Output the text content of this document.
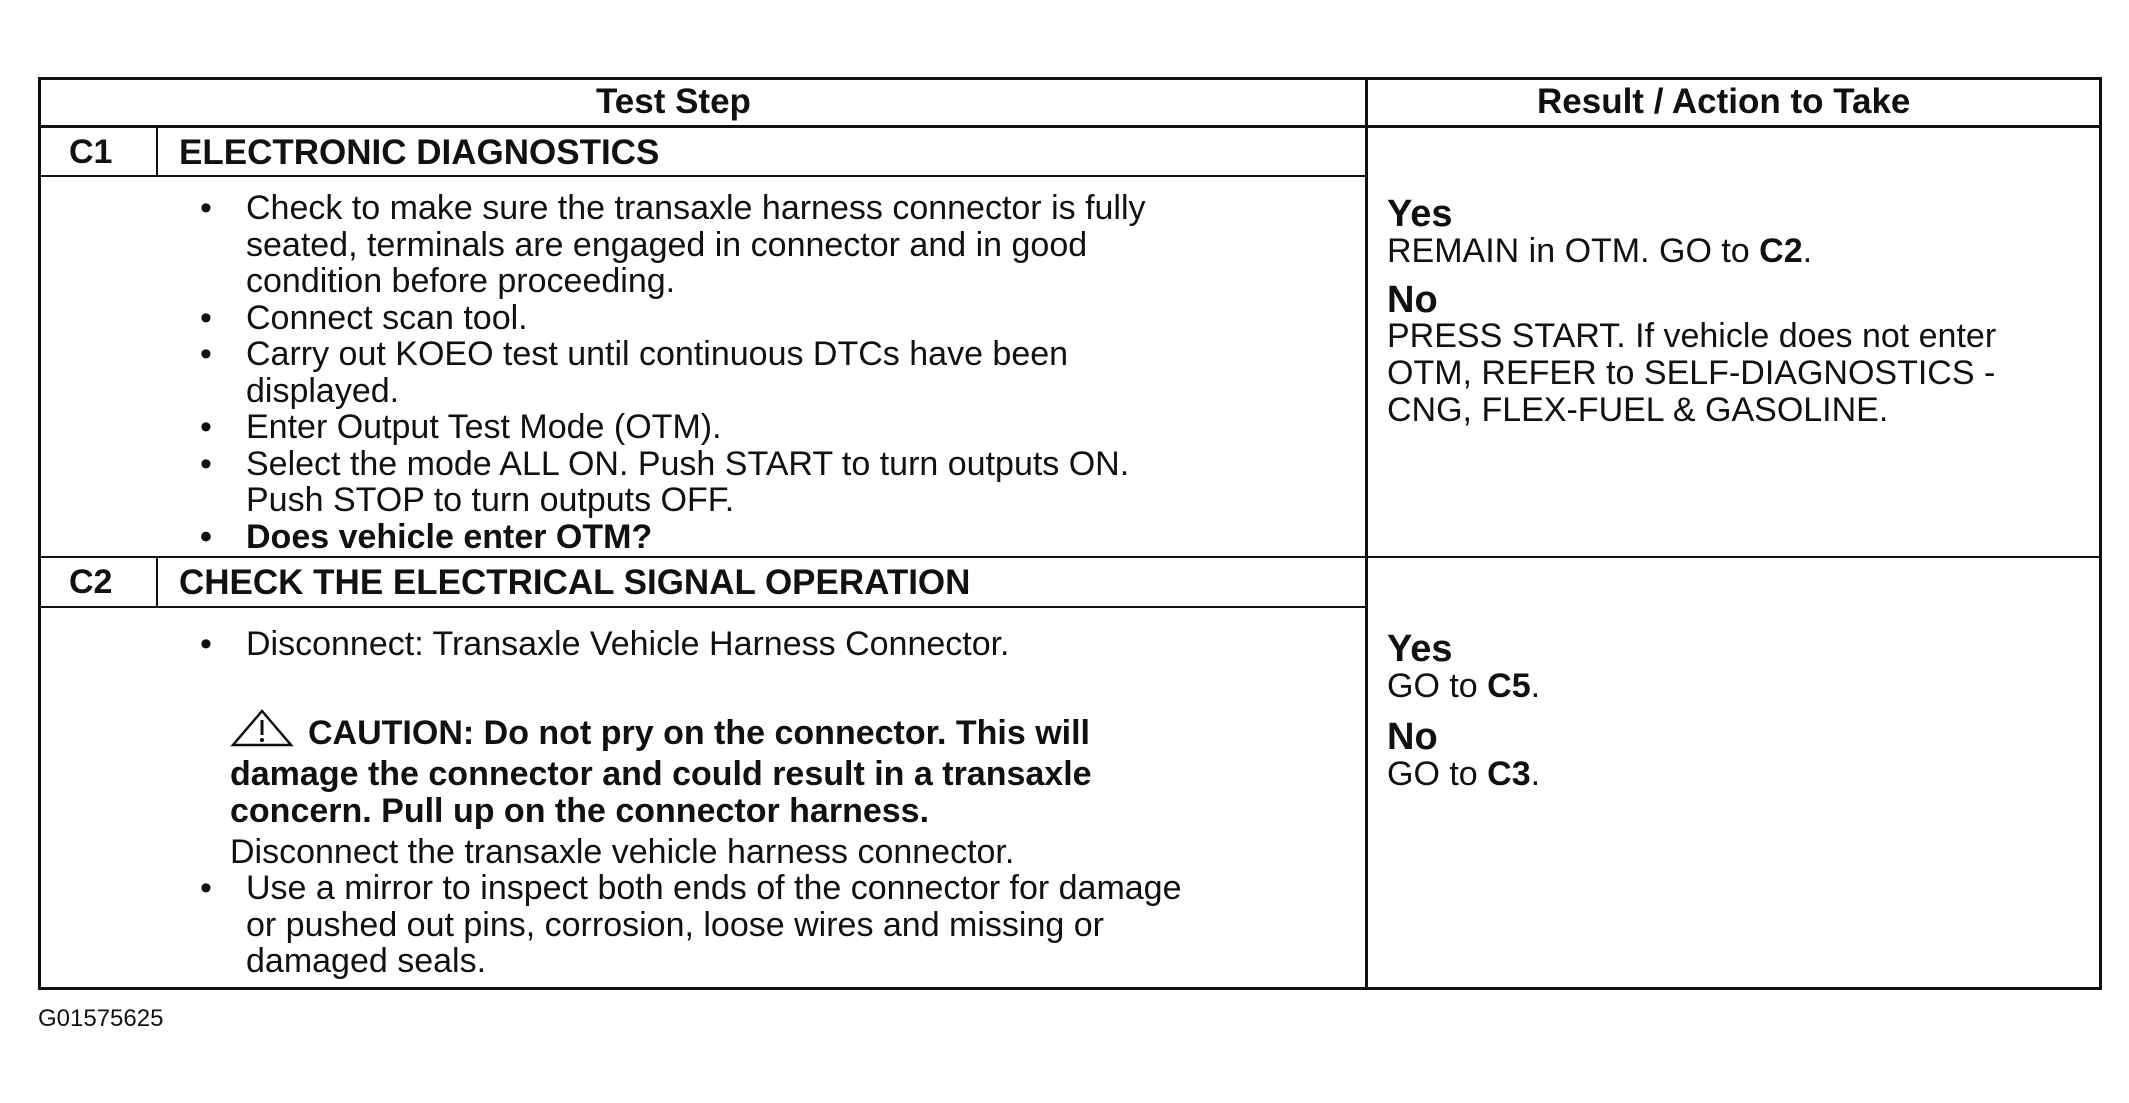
Test Step	Result / Action to Take
C1 ELECTRONIC DIAGNOSTICS
• Check to make sure the transaxle harness connector is fully
seated, terminals are engaged in connector and in good
condition before proceeding.
• Connect scan tool.
• Carry out KOEO test until continuous DTCs have been
displayed.
• Enter Output Test Mode (OTM).
• Select the mode ALL ON. Push START to turn outputs ON.
Push STOP to turn outputs OFF.
• Does vehicle enter OTM?
Yes
REMAIN in OTM. GO to C2.
No
PRESS START. If vehicle does not enter
OTM, REFER to SELF-DIAGNOSTICS -
CNG, FLEX-FUEL & GASOLINE.
C2 CHECK THE ELECTRICAL SIGNAL OPERATION
• Disconnect: Transaxle Vehicle Harness Connector.
CAUTION: Do not pry on the connector. This will
damage the connector and could result in a transaxle
concern. Pull up on the connector harness.
Disconnect the transaxle vehicle harness connector.
• Use a mirror to inspect both ends of the connector for damage
or pushed out pins, corrosion, loose wires and missing or
damaged seals.
Yes
GO to C5.
No
GO to C3.
G01575625
